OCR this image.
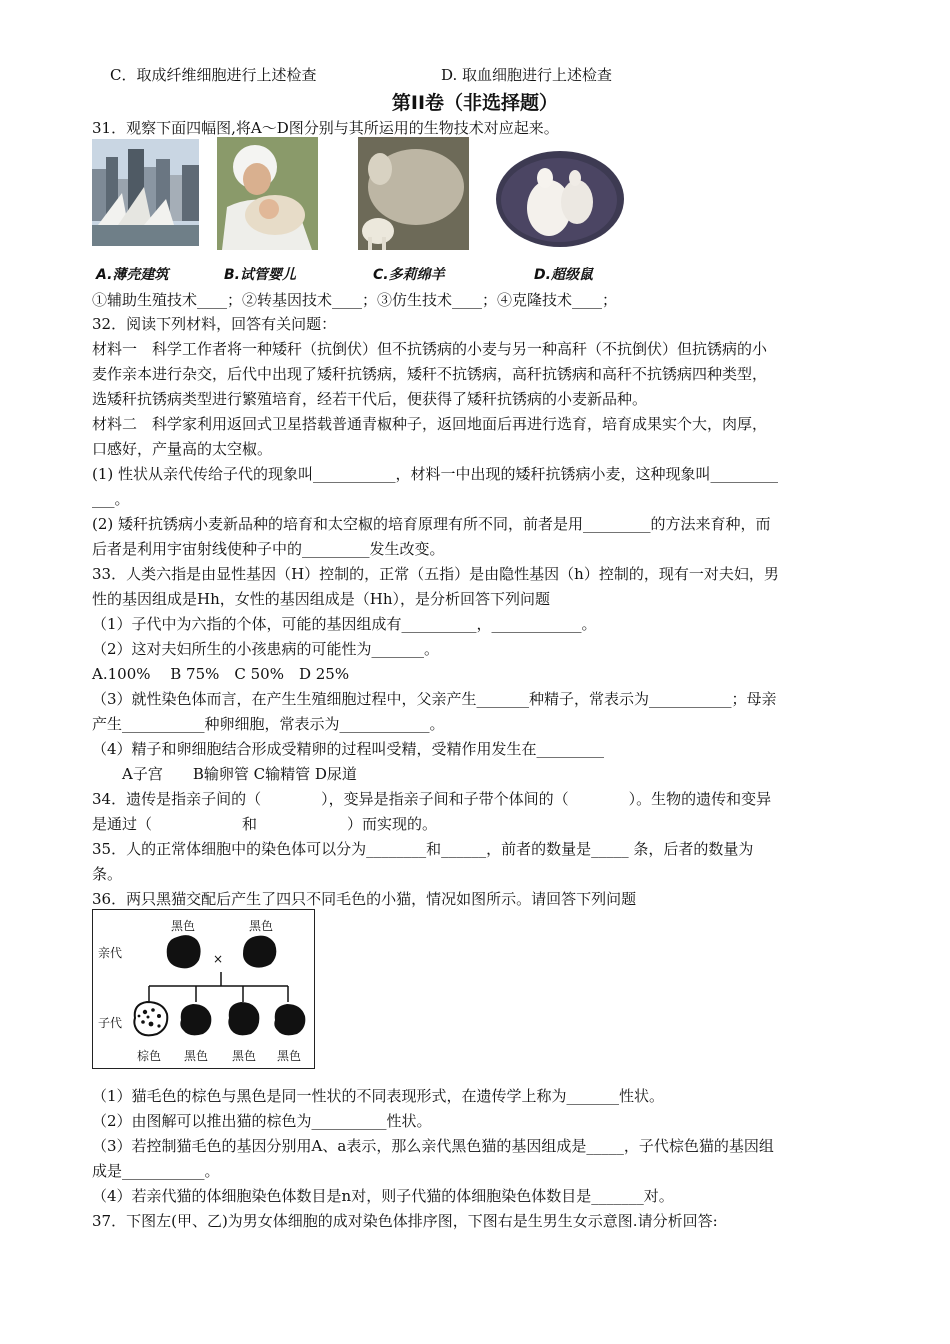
C．取成纤维细胞进行上述检查	D. 取血细胞进行上述检查
第II卷（非选择题）
31．观察下面四幅图,将A～D图分别与其所运用的生物技术对应起来。
A.薄壳建筑	B.试管婴儿	C.多莉绵羊	D.超级鼠
①辅助生殖技术____；②转基因技术____；③仿生技术____；④克隆技术____；
32．阅读下列材料，回答有关问题：
材料一　科学工作者将一种矮秆（抗倒伏）但不抗锈病的小麦与另一种高秆（不抗倒伏）但抗锈病的小
麦作亲本进行杂交，后代中出现了矮秆抗锈病，矮秆不抗锈病，高秆抗锈病和高秆不抗锈病四种类型，
选矮秆抗锈病类型进行繁殖培育，经若干代后，便获得了矮秆抗锈病的小麦新品种。
材料二　科学家利用返回式卫星搭载普通青椒种子，返回地面后再进行选育，培育成果实个大，肉厚，
口感好，产量高的太空椒。
(1) 性状从亲代传给子代的现象叫___________，材料一中出现的矮秆抗锈病小麦，这种现象叫_________
___。
(2) 矮秆抗锈病小麦新品种的培育和太空椒的培育原理有所不同，前者是用_________的方法来育种，而
后者是利用宇宙射线使种子中的_________发生改变。
33．人类六指是由显性基因（H）控制的，正常（五指）是由隐性基因（h）控制的，现有一对夫妇，男
性的基因组成是Hh，女性的基因组成是（Hh），是分析回答下列问题
（1）子代中为六指的个体，可能的基因组成有__________，____________。
（2）这对夫妇所生的小孩患病的可能性为_______。
A.100%　 B 75%　C 50%　D 25%
（3）就性染色体而言，在产生生殖细胞过程中，父亲产生_______种精子，常表示为___________；母亲
产生___________种卵细胞，常表示为____________。
（4）精子和卵细胞结合形成受精卵的过程叫受精，受精作用发生在_________
A子宫　　B输卵管 C输精管 D尿道
34．遗传是指亲子间的（　　　　），变异是指亲子间和子带个体间的（　　　　）。生物的遗传和变异
是通过（　　　　　　和　　　　　　）而实现的。
35．人的正常体细胞中的染色体可以分为________和______，前者的数量是_____ 条，后者的数量为
条。
36．两只黑猫交配后产生了四只不同毛色的小猫，情况如图所示。请回答下列问题
亲代
子代
黑色	黑色
×
棕色 黑色 黑色 黑色
（1）猫毛色的棕色与黑色是同一性状的不同表现形式，在遗传学上称为_______性状。
（2）由图解可以推出猫的棕色为__________性状。
（3）若控制猫毛色的基因分别用A、a表示，那么亲代黑色猫的基因组成是_____，子代棕色猫的基因组
成是___________。
（4）若亲代猫的体细胞染色体数目是n对，则子代猫的体细胞染色体数目是_______对。
37．下图左(甲、乙)为男女体细胞的成对染色体排序图，下图右是生男生女示意图.请分析回答:
